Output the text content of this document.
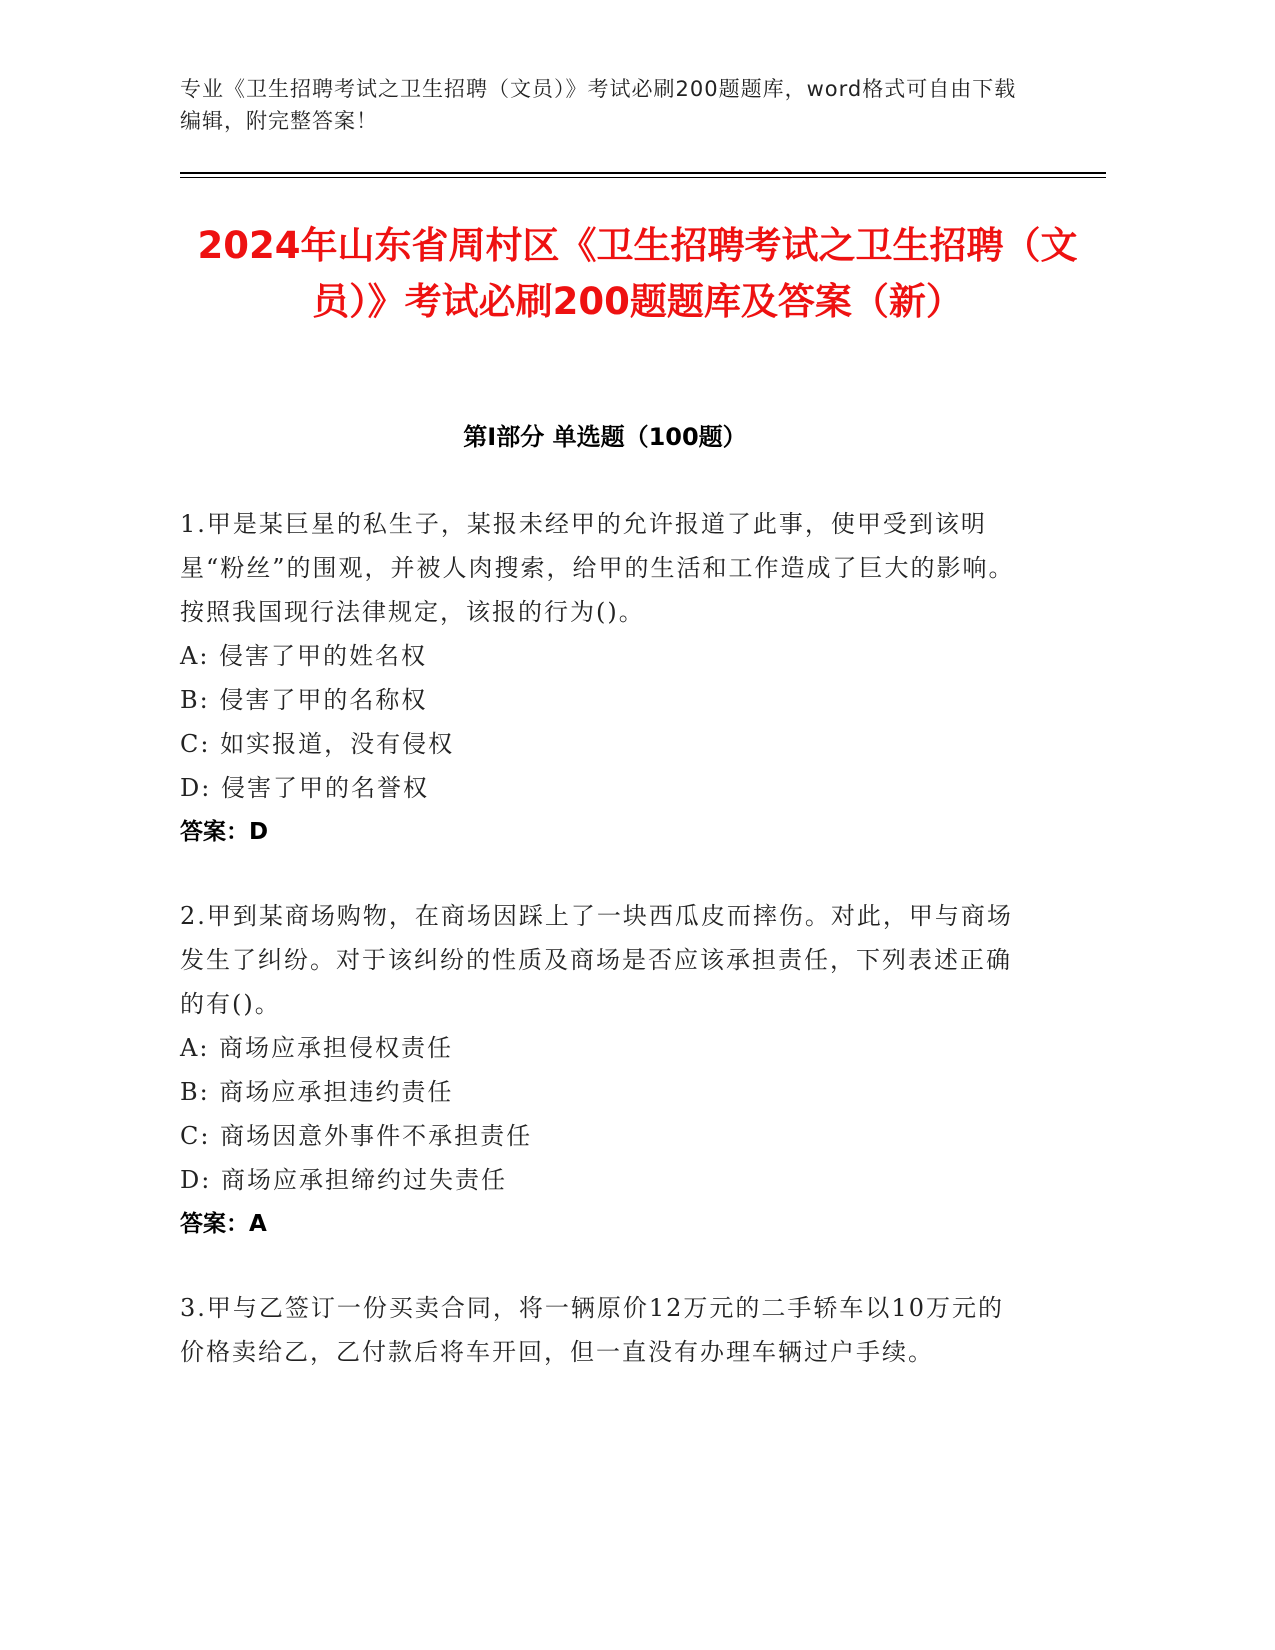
专业《卫生招聘考试之卫生招聘（文员）》考试必刷200题题库，word格式可自由下载编辑，附完整答案！
2024年山东省周村区《卫生招聘考试之卫生招聘（文员）》考试必刷200题题库及答案（新）
第Ⅰ部分 单选题（100题）
1.甲是某巨星的私生子，某报未经甲的允许报道了此事，使甲受到该明星“粉丝”的围观，并被人肉搜索，给甲的生活和工作造成了巨大的影响。按照我国现行法律规定，该报的行为()。
A: 侵害了甲的姓名权
B: 侵害了甲的名称权
C: 如实报道，没有侵权
D: 侵害了甲的名誉权
答案：D
2.甲到某商场购物，在商场因踩上了一块西瓜皮而摔伤。对此，甲与商场发生了纠纷。对于该纠纷的性质及商场是否应该承担责任，下列表述正确的有()。
A: 商场应承担侵权责任
B: 商场应承担违约责任
C: 商场因意外事件不承担责任
D: 商场应承担缔约过失责任
答案：A
3.甲与乙签订一份买卖合同，将一辆原价12万元的二手轿车以10万元的价格卖给乙，乙付款后将车开回，但一直没有办理车辆过户手续。
